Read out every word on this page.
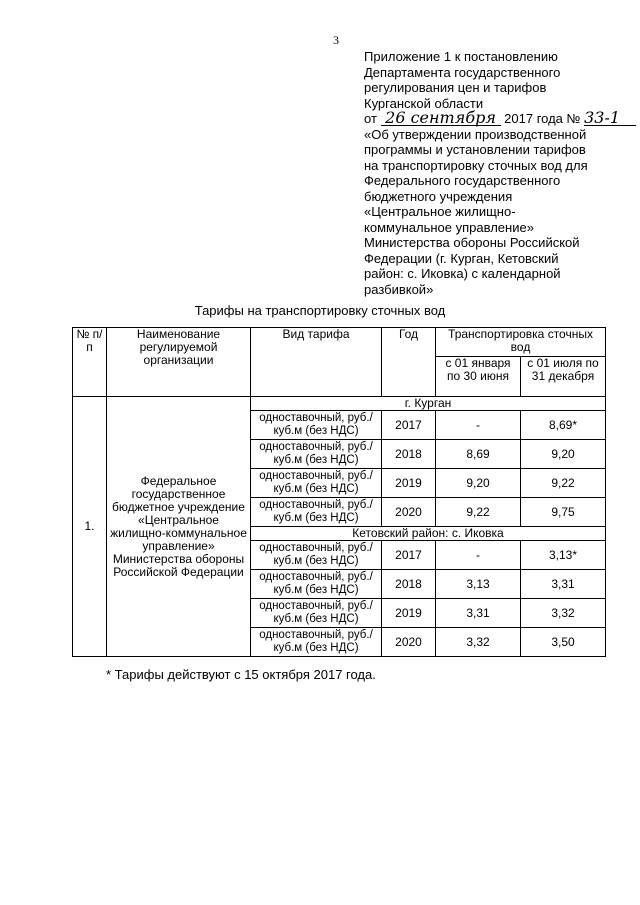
3
Приложение 1 к постановлению
Департамента государственного
регулирования цен и тарифов
Курганской области
от 26 сентября 2017 года № 33-1
«Об утверждении производственной
программы и установлении тарифов
на транспортировку сточных вод для
Федерального государственного
бюджетного учреждения
«Центральное жилищно-
коммунальное управление»
Министерства обороны Российской
Федерации (г. Курган, Кетовский
район: с. Иковка) с календарной
разбивкой»
Тарифы на транспортировку сточных вод
№ п/п	Наименование регулируемой организации	Вид тарифа	Год	Транспортировка сточных вод	
				с 01 января по 30 июня	с 01 июля по 31 декабря
1.	Федеральное государственное бюджетное учреждение «Центральное жилищно-коммунальное управление» Министерства обороны Российской Федерации	г. Курган			
		одноставочный, руб./куб.м (без НДС)	2017	-	8,69*
		одноставочный, руб./куб.м (без НДС)	2018	8,69	9,20
		одноставочный, руб./куб.м (без НДС)	2019	9,20	9,22
		одноставочный, руб./куб.м (без НДС)	2020	9,22	9,75
		Кетовский район: с. Иковка			
		одноставочный, руб./куб.м (без НДС)	2017	-	3,13*
		одноставочный, руб./куб.м (без НДС)	2018	3,13	3,31
		одноставочный, руб./куб.м (без НДС)	2019	3,31	3,32
		одноставочный, руб./куб.м (без НДС)	2020	3,32	3,50
* Тарифы действуют с 15 октября 2017 года.
